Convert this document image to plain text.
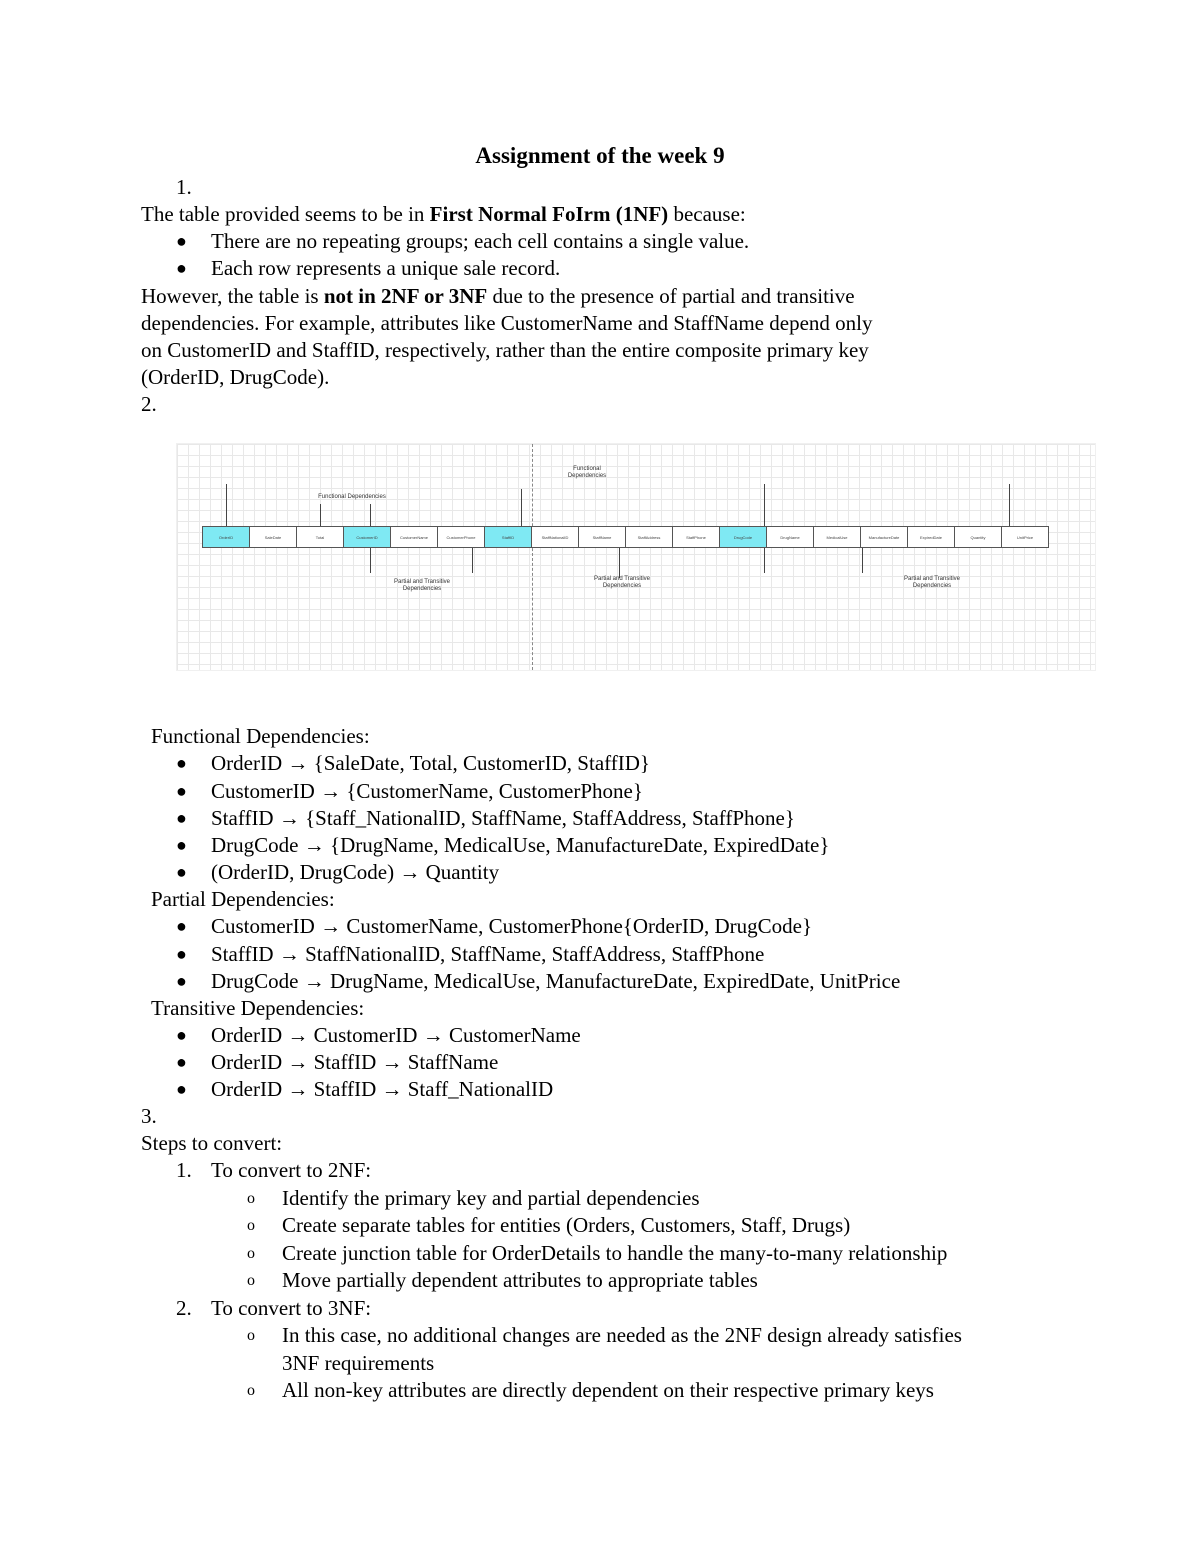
Assignment of the week 9
1.
The table provided seems to be in First Normal FoIrm (1NF) because:
● There are no repeating groups; each cell contains a single value.
● Each row represents a unique sale record.
However, the table is not in 2NF or 3NF due to the presence of partial and transitive
dependencies. For example, attributes like CustomerName and StaffName depend only
on CustomerID and StaffID, respectively, rather than the entire composite primary key
(OrderID, DrugCode).
2.
Functional Dependencies
Functional Dependencies
OrderID	SaleDate	Total	CustomerID	CustomerName	CustomerPhone	StaffID	StaffNationalID	StaffName	StaffAddress	StaffPhone	DrugCode	DrugName	MedicalUse	ManufactureDate	ExpiredDate	Quantity	UnitPrice
Partial and Transitive Dependencies
Partial and Transitive Dependencies
Partial and Transitive Dependencies
Functional Dependencies:
● OrderID → {SaleDate, Total, CustomerID, StaffID}
● CustomerID → {CustomerName, CustomerPhone}
● StaffID → {Staff_NationalID, StaffName, StaffAddress, StaffPhone}
● DrugCode → {DrugName, MedicalUse, ManufactureDate, ExpiredDate}
● (OrderID, DrugCode) → Quantity
Partial Dependencies:
● CustomerID → CustomerName, CustomerPhone{OrderID, DrugCode}
● StaffID → StaffNationalID, StaffName, StaffAddress, StaffPhone
● DrugCode → DrugName, MedicalUse, ManufactureDate, ExpiredDate, UnitPrice
Transitive Dependencies:
● OrderID → CustomerID → CustomerName
● OrderID → StaffID → StaffName
● OrderID → StaffID → Staff_NationalID
3.
Steps to convert:
1. To convert to 2NF:
o Identify the primary key and partial dependencies
o Create separate tables for entities (Orders, Customers, Staff, Drugs)
o Create junction table for OrderDetails to handle the many-to-many relationship
o Move partially dependent attributes to appropriate tables
2. To convert to 3NF:
o In this case, no additional changes are needed as the 2NF design already satisfies
3NF requirements
o All non-key attributes are directly dependent on their respective primary keys
